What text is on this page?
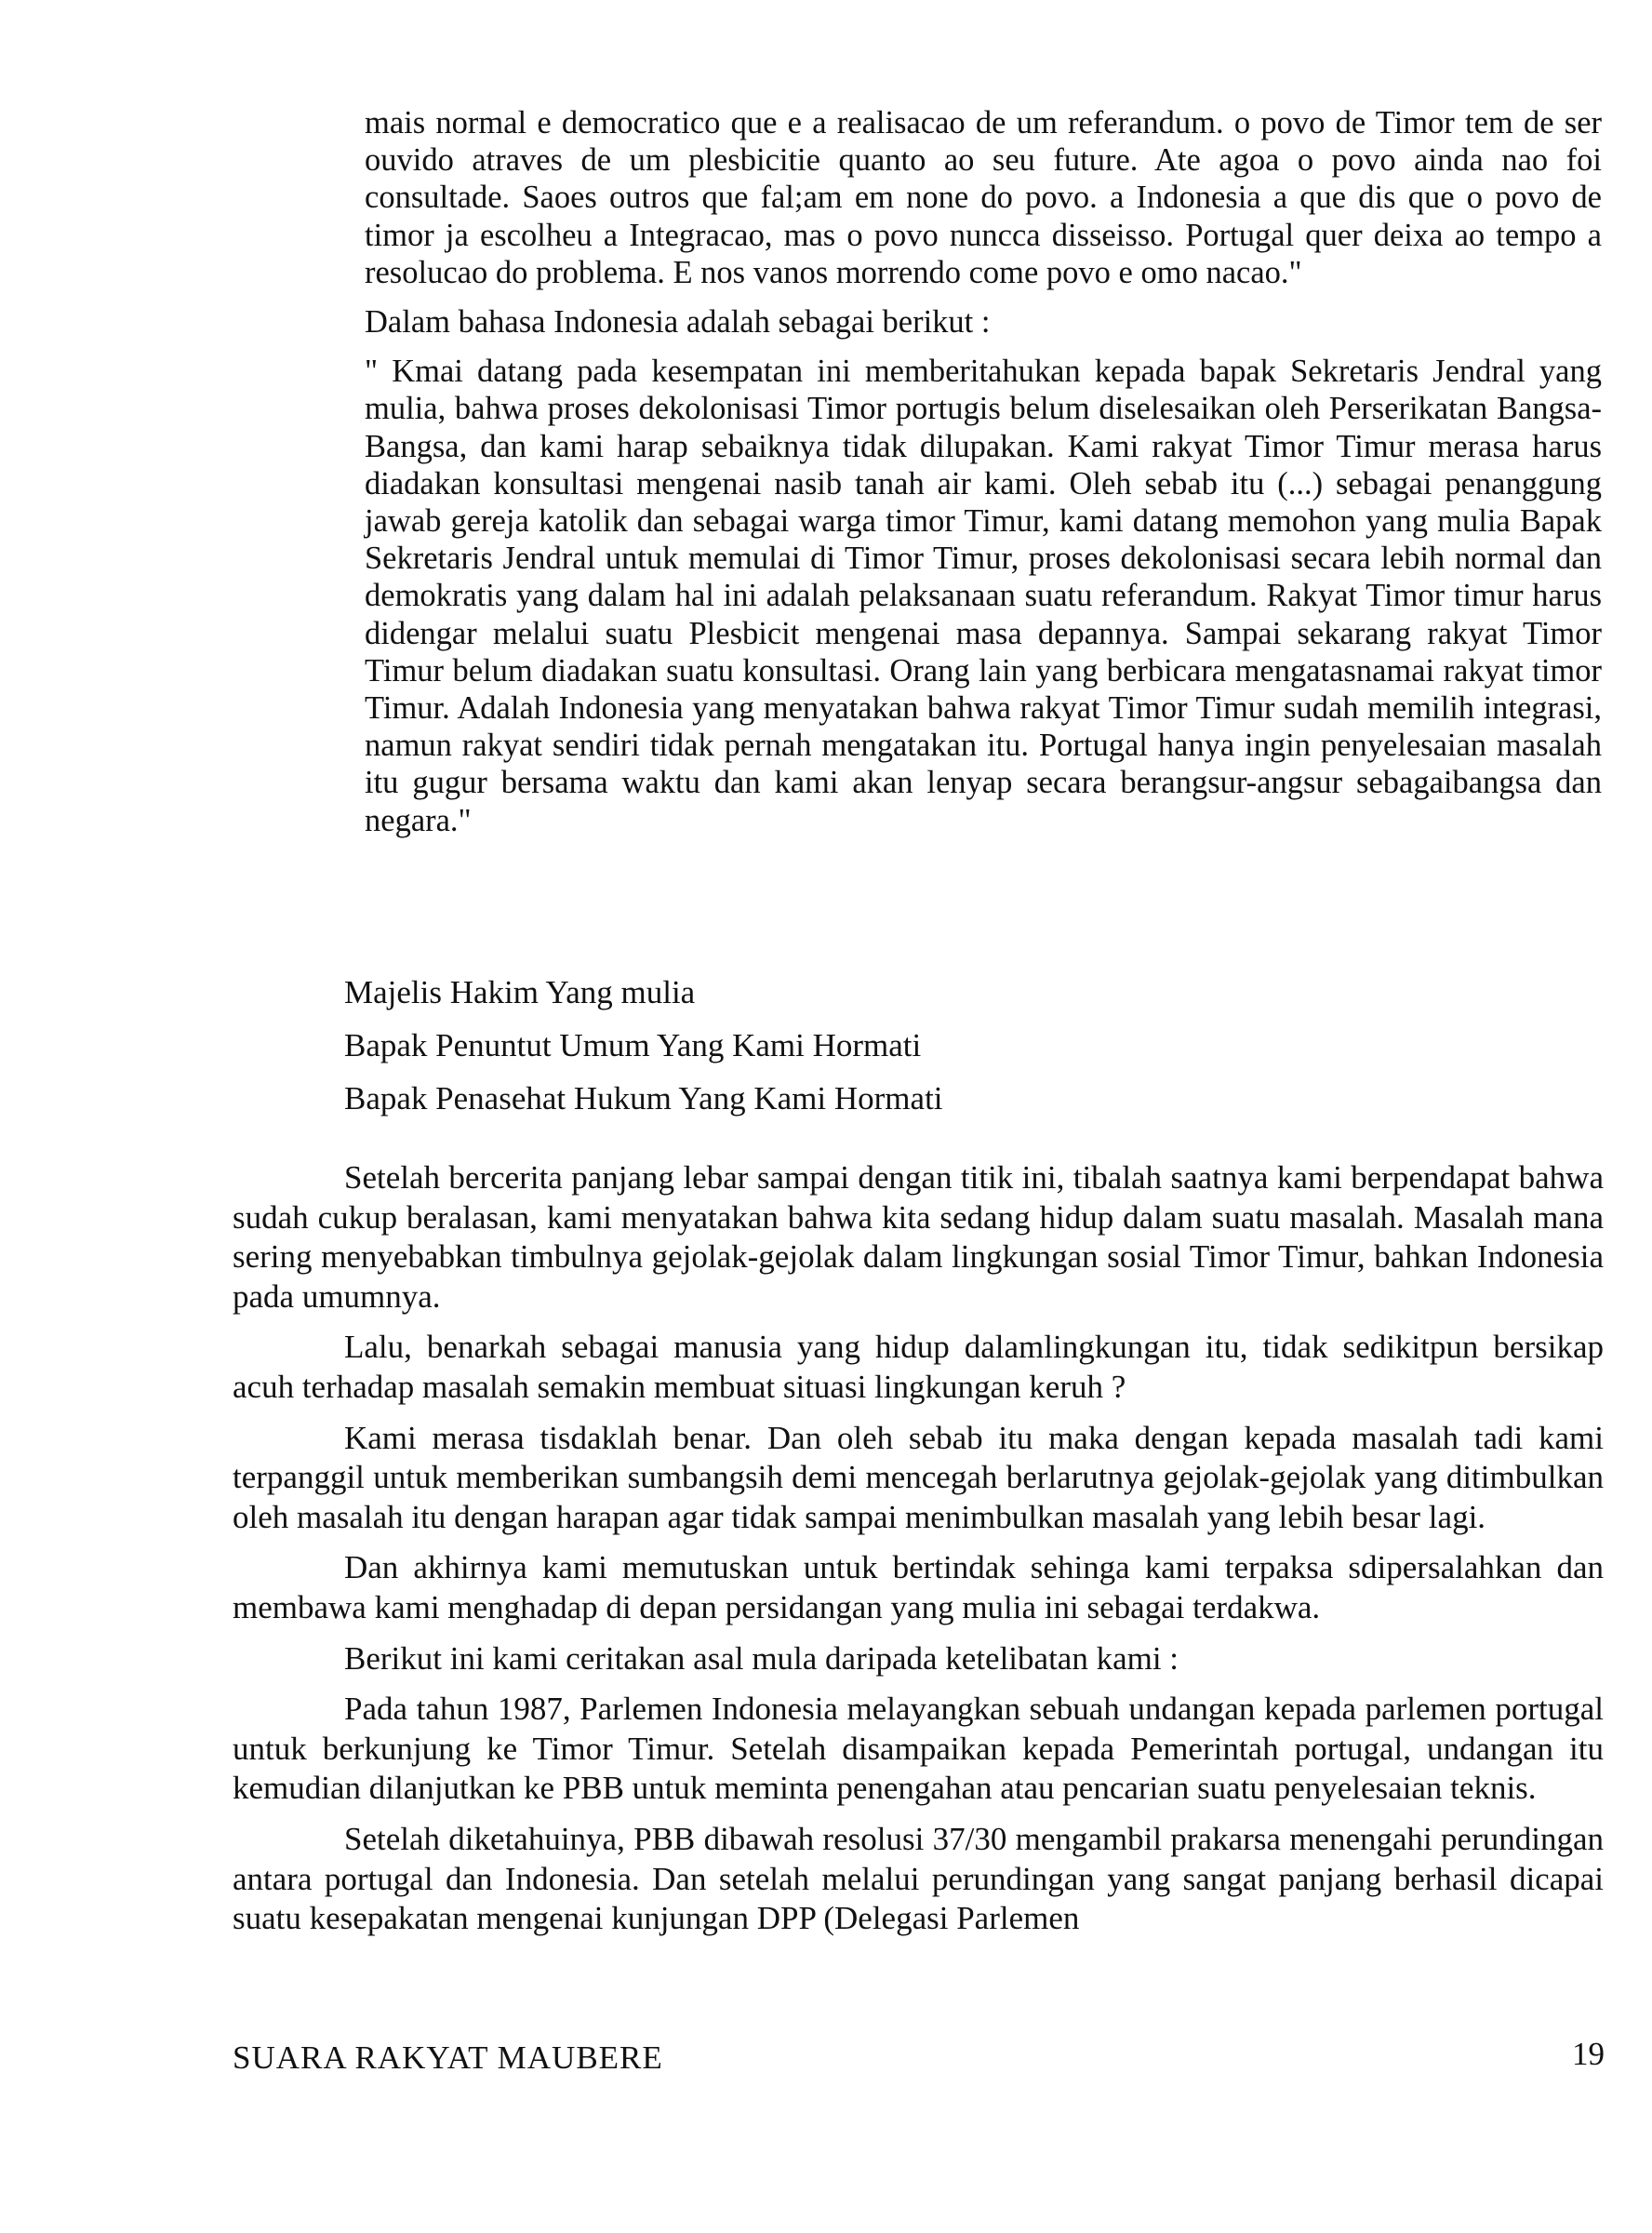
mais normal e democratico que e a realisacao de um referandum. o povo de Timor tem de ser ouvido atraves de um plesbicitie quanto ao seu future. Ate agoa o povo ainda nao foi consultade. Saoes outros que fal;am em none do povo. a Indonesia a que dis que o povo de timor ja escolheu a Integracao, mas o povo nuncca disseisso. Portugal quer deixa ao tempo a resolucao do problema. E nos vanos morrendo come povo e omo nacao."

Dalam bahasa Indonesia adalah sebagai berikut :

" Kmai datang pada kesempatan ini memberitahukan kepada bapak Sekretaris Jendral yang mulia, bahwa proses dekolonisasi Timor portugis belum diselesaikan oleh Perserikatan Bangsa-Bangsa, dan kami harap sebaiknya tidak dilupakan. Kami rakyat Timor Timur merasa harus diadakan konsultasi mengenai nasib tanah air kami. Oleh sebab itu (...) sebagai penanggung jawab gereja katolik dan sebagai warga timor Timur, kami datang memohon yang mulia Bapak Sekretaris Jendral untuk memulai di Timor Timur, proses dekolonisasi secara lebih normal dan demokratis yang dalam hal ini adalah pelaksanaan suatu referandum. Rakyat Timor timur harus didengar melalui suatu Plesbicit mengenai masa depannya. Sampai sekarang rakyat Timor Timur belum diadakan suatu konsultasi. Orang lain yang berbicara mengatasnamai rakyat timor Timur. Adalah Indonesia yang menyatakan bahwa rakyat Timor Timur sudah memilih integrasi, namun rakyat sendiri tidak pernah mengatakan itu. Portugal hanya ingin penyelesaian masalah itu gugur bersama waktu dan kami akan lenyap secara berangsur-angsur sebagaibangsa dan negara."

Majelis Hakim Yang mulia
Bapak Penuntut Umum Yang Kami Hormati
Bapak Penasehat Hukum Yang Kami Hormati

Setelah bercerita panjang lebar sampai dengan titik ini, tibalah saatnya kami berpendapat bahwa sudah cukup beralasan, kami menyatakan bahwa kita sedang hidup dalam suatu masalah. Masalah mana sering menyebabkan timbulnya gejolak-gejolak dalam lingkungan sosial Timor Timur, bahkan Indonesia pada umumnya.

Lalu, benarkah sebagai manusia yang hidup dalamlingkungan itu, tidak sedikitpun bersikap acuh terhadap masalah semakin membuat situasi lingkungan keruh ?

Kami merasa tisdaklah benar. Dan oleh sebab itu maka dengan kepada masalah tadi kami terpanggil untuk memberikan sumbangsih demi mencegah berlarutnya gejolak-gejolak yang ditimbulkan oleh masalah itu dengan harapan agar tidak sampai menimbulkan masalah yang lebih besar lagi.

Dan akhirnya kami memutuskan untuk bertindak sehinga kami terpaksa sdipersalahkan dan membawa kami menghadap di depan persidangan yang mulia ini sebagai terdakwa.

Berikut ini kami ceritakan asal mula daripada ketelibatan kami :

Pada tahun 1987, Parlemen Indonesia melayangkan sebuah undangan kepada parlemen portugal untuk berkunjung ke Timor Timur. Setelah disampaikan kepada Pemerintah portugal, undangan itu kemudian dilanjutkan ke PBB untuk meminta penengahan atau pencarian suatu penyelesaian teknis.

Setelah diketahuinya, PBB dibawah resolusi 37/30 mengambil prakarsa menengahi perundingan antara portugal dan Indonesia. Dan setelah melalui perundingan yang sangat panjang berhasil dicapai suatu kesepakatan mengenai kunjungan DPP (Delegasi Parlemen

SUARA RAKYAT MAUBERE	19
